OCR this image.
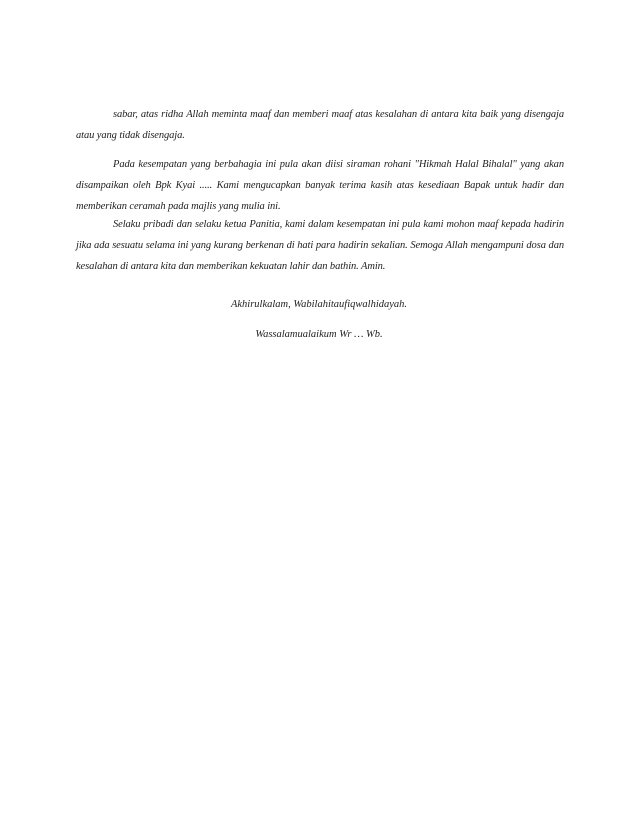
sabar, atas ridha Allah meminta maaf dan memberi maaf atas kesalahan di antara kita baik yang disengaja atau yang tidak disengaja.

Pada kesempatan yang berbahagia ini pula akan diisi siraman rohani "Hikmah Halal Bihalal" yang akan disampaikan oleh Bpk Kyai ..... Kami mengucapkan banyak terima kasih atas kesediaan Bapak untuk hadir dan memberikan ceramah pada majlis yang mulia ini.

Selaku pribadi dan selaku ketua Panitia, kami dalam kesempatan ini pula kami mohon maaf kepada hadirin jika ada sesuatu selama ini yang kurang berkenan di hati para hadirin sekalian. Semoga Allah mengampuni dosa dan kesalahan di antara kita dan memberikan kekuatan lahir dan bathin. Amin.

Akhirulkalam, Wabilahitaufiqwalhidayah.
Wassalamualaikum Wr … Wb.
